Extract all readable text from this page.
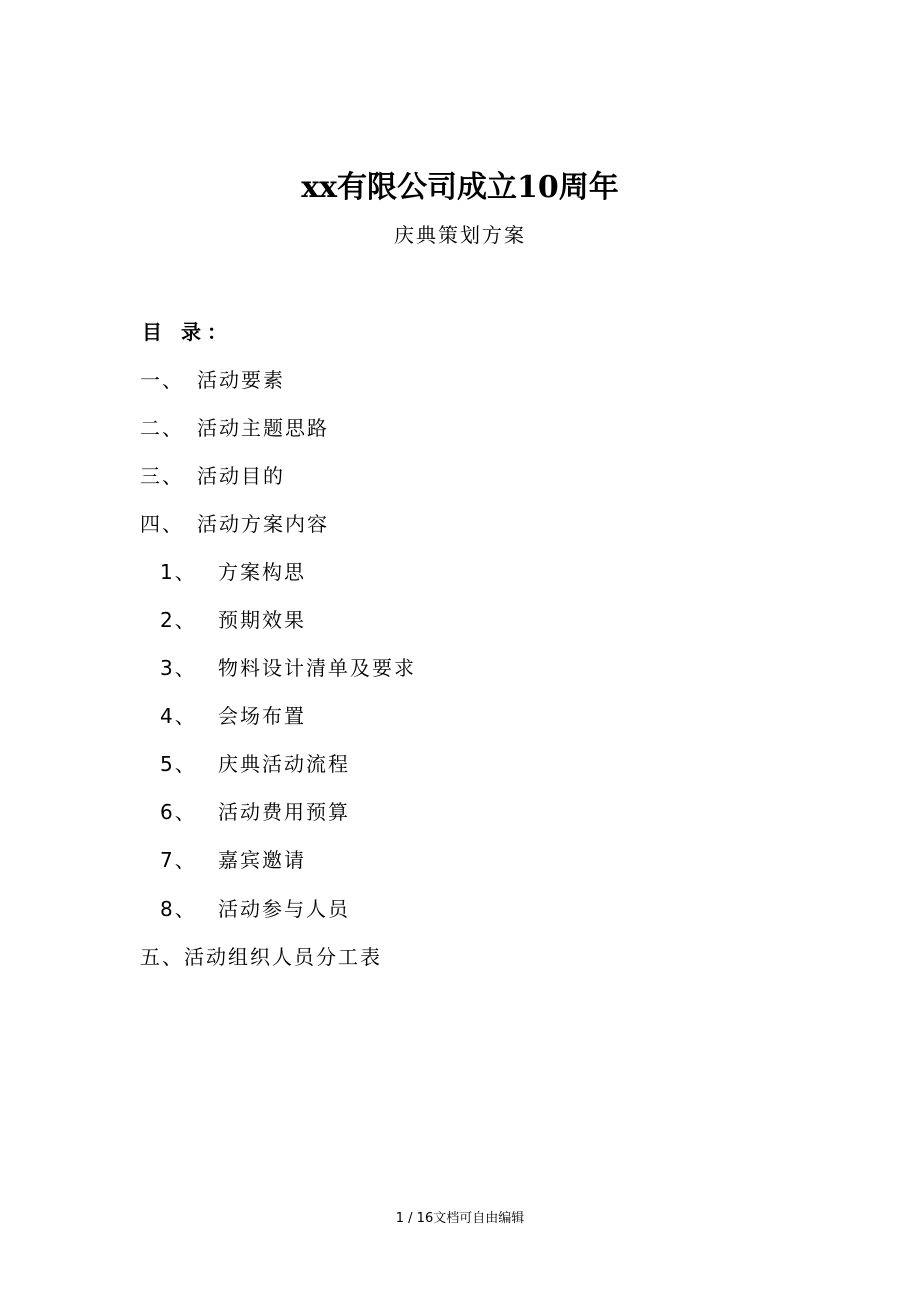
xx有限公司成立10周年
庆典策划方案
目 录：
一、 活动要素
二、 活动主题思路
三、 活动目的
四、 活动方案内容
1、	方案构思
2、	预期效果
3、	物料设计清单及要求
4、	会场布置
5、	庆典活动流程
6、	活动费用预算
7、	嘉宾邀请
8、	活动参与人员
五、活动组织人员分工表
1 / 16文档可自由编辑
